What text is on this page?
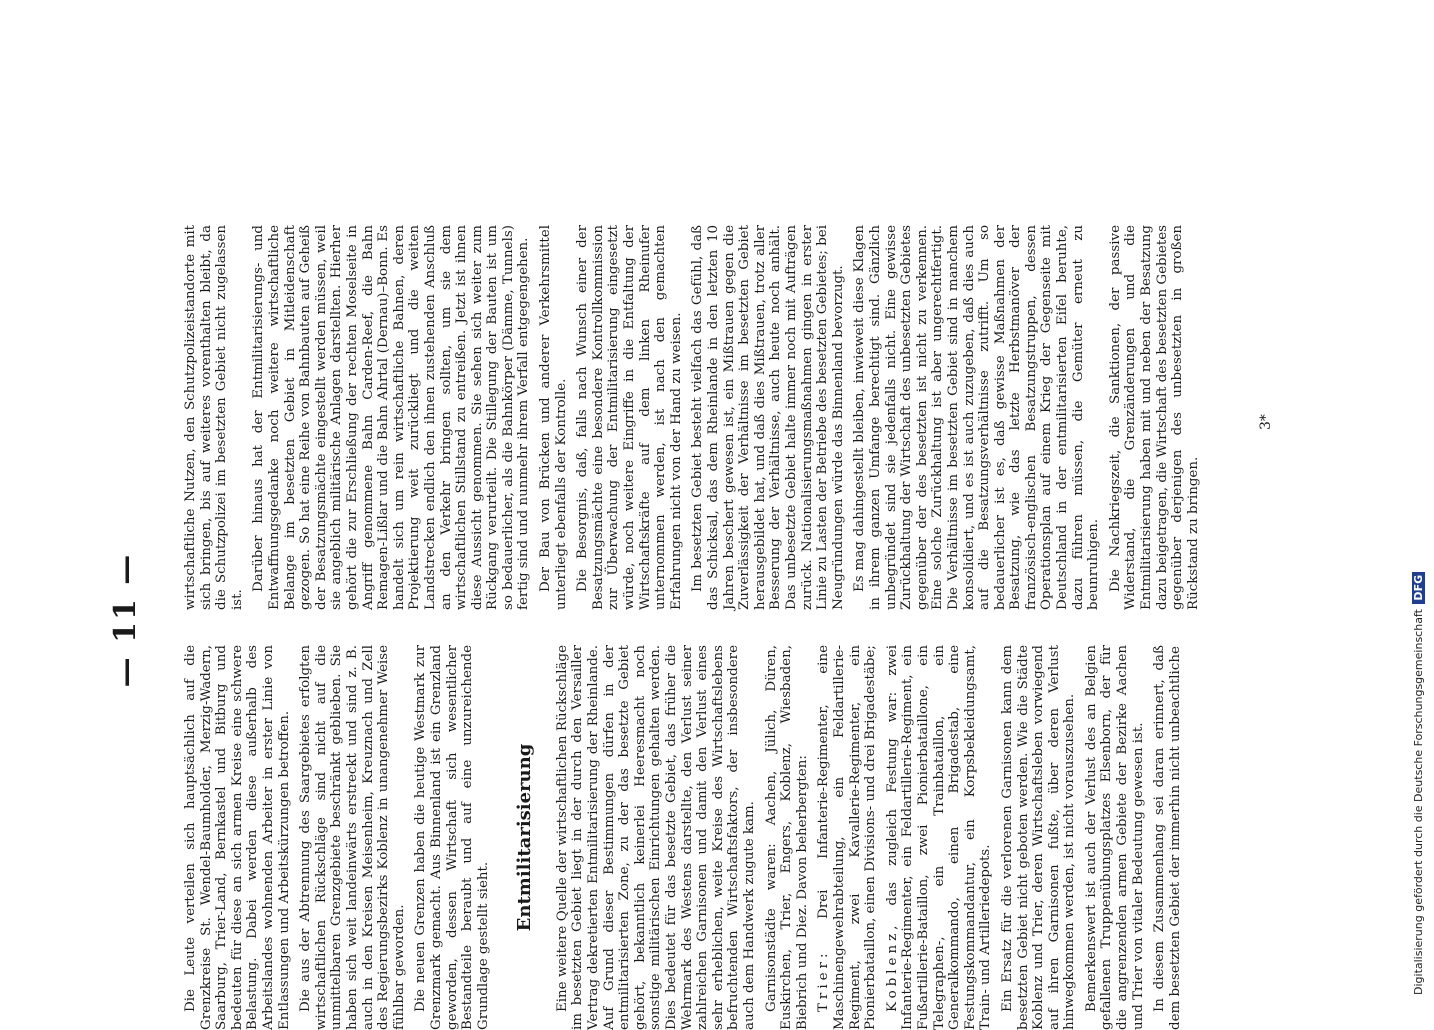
— 11 —

Die Leute verteilen sich hauptsächlich auf die Grenzkreise St. Wendel-Baumholder, Merzig-Wadern, Saarburg, Trier-Land, Bernkastel und Bitburg und bedeuten für diese an sich armen Kreise eine schwere Belastung. Dabei werden diese außerhalb des Arbeitslandes wohnenden Arbeiter in erster Linie von Entlassungen und Arbeitskürzungen betroffen. Die aus der Abtrennung des Saargebietes erfolgten wirtschaftlichen Rückschläge sind nicht auf die unmittelbaren Grenzgebiete beschränkt geblieben. Sie haben sich weit landeinwärts erstreckt und sind z. B. auch in den Kreisen Meisenheim, Kreuznach und Zell des Regierungsbezirks Koblenz in unangenehmer Weise fühlbar geworden. Die neuen Grenzen haben die heutige Westmark zur Grenzmark gemacht. Aus Binnenland ist ein Grenzland geworden, dessen Wirtschaft sich wesentlicher Bestandteile beraubt und auf eine unzureichende Grundlage gestellt sieht.

Entmilitarisierung Eine weitere Quelle der wirtschaftlichen Rückschläge im besetzten Gebiet liegt in der durch den Versailler Vertrag dekretierten Entmilitarisierung der Rheinlande. Auf Grund dieser Bestimmungen dürfen in der entmilitarisierten Zone, zu der das besetzte Gebiet gehört, bekanntlich keinerlei Heeresmacht noch sonstige militärischen Einrichtungen gehalten werden. Dies bedeutet für das besetzte Gebiet, das früher die Wehrmark des Westens darstellte, den Verlust seiner zahlreichen Garnisonen und damit den Verlust eines sehr erheblichen, weite Kreise des Wirtschaftslebens befruchtenden Wirtschaftsfaktors, der insbesondere auch dem Handwerk zugute kam. Garnisonstädte waren: Aachen, Jülich, Düren, Euskirchen, Trier, Engers, Koblenz, Wiesbaden, Biebrich und Diez. Davon beherbergten: Trier: Drei Infanterie-Regimenter, eine Maschinengewehrabteilung, ein Feldartillerie-Regiment, zwei Kavallerie-Regimenter, ein Pionierbataillon, einen Divisions- und drei Brigadestäbe; Koblenz, das zugleich Festung war: zwei Infanterie-Regimenter, ein Feldartillerie-Regiment, ein Fußartillerie-Bataillon, zwei Pionierbataillone, ein Telegraphen-, ein Trainbataillon, ein Generalkommando, einen Brigadestab, eine Festungskommandantur, ein Korpsbekleidungsamt, Train- und Artilleriedepots. Ein Ersatz für die verlorenen Garnisonen kann dem besetzten Gebiet nicht geboten werden. Wie die Städte Koblenz und Trier, deren Wirtschaftsleben vorwiegend auf ihren Garnisonen fußte, über deren Verlust hinwegkommen werden, ist nicht vorauszusehen. Bemerkenswert ist auch der Verlust des an Belgien gefallenen Truppenübungsplatzes Elsenborn, der für die angrenzenden armen Gebiete der Bezirke Aachen und Trier von vitaler Bedeutung gewesen ist. In diesem Zusammenhang sei daran erinnert, daß dem besetzten Gebiet der immerhin nicht unbeachtliche

wirtschaftliche Nutzen, den Schutzpolizeistandorte mit sich bringen, bis auf weiteres vorenthalten bleibt, da die Schutzpolizei im besetzten Gebiet nicht zugelassen ist.

Darüber hinaus hat der Entmilitarisierungs- und Entwaffnungsgedanke noch weitere wirtschaftliche Belange im besetzten Gebiet in Mitleidenschaft gezogen. So hat eine Reihe von Bahnbauten auf Geheiß der Besatzungsmächte eingestellt werden müssen, weil sie angeblich militärische Anlagen darstellten. Hierher gehört die zur Erschließung der rechten Moselseite in Angriff genommene Bahn Carden-Reef, die Bahn Remagen-Lißlar und die Bahn Ahrtal (Dernau)–Bonn. Es handelt sich um rein wirtschaftliche Bahnen, deren Projektierung weit zurückliegt und die weiten Landstrecken endlich den ihnen zustehenden Anschluß an den Verkehr bringen sollten, um sie dem wirtschaftlichen Stillstand zu entreißen. Jetzt ist ihnen diese Aussicht genommen. Sie sehen sich weiter zum Rückgang verurteilt. Die Stillegung der Bauten ist um so bedauerlicher, als die Bahnkörper (Dämme, Tunnels) fertig sind und nunmehr ihrem Verfall entgegengehen. Der Bau von Brücken und anderer Verkehrsmittel unterliegt ebenfalls der Kontrolle. Die Besorgnis, daß, falls nach Wunsch einer der Besatzungsmächte eine besondere Kontrollkommission zur Überwachung der Entmilitarisierung eingesetzt würde, noch weitere Eingriffe in die Entfaltung der Wirtschaftskräfte auf dem linken Rheinufer unternommen werden, ist nach den gemachten Erfahrungen nicht von der Hand zu weisen. Im besetzten Gebiet besteht vielfach das Gefühl, daß das Schicksal, das dem Rheinlande in den letzten 10 Jahren beschert gewesen ist, ein Mißtrauen gegen die Zuverlässigkeit der Verhältnisse im besetzten Gebiet herausgebildet hat, und daß dies Mißtrauen, trotz aller Besserung der Verhältnisse, auch heute noch anhält. Das unbesetzte Gebiet halte immer noch mit Aufträgen zurück. Nationalisierungsmaßnahmen gingen in erster Linie zu Lasten der Betriebe des besetzten Gebietes; bei Neugründungen würde das Binnenland bevorzugt. Es mag dahingestellt bleiben, inwieweit diese Klagen in ihrem ganzen Umfange berechtigt sind. Gänzlich unbegründet sind sie jedenfalls nicht. Eine gewisse Zurückhaltung der Wirtschaft des unbesetzten Gebietes gegenüber der des besetzten ist nicht zu verkennen. Eine solche Zurückhaltung ist aber ungerechtfertigt. Die Verhältnisse im besetzten Gebiet sind in manchem konsolidiert, und es ist auch zuzugeben, daß dies auch auf die Besatzungsverhältnisse zutrifft. Um so bedauerlicher ist es, daß gewisse Maßnahmen der Besatzung, wie das letzte Herbstmanöver der französisch-englischen Besatzungstruppen, dessen Operationsplan auf einem Krieg der Gegenseite mit Deutschland in der entmilitarisierten Eifel beruhte, dazu führen müssen, die Gemüter erneut zu beunruhigen. Die Nachkriegszeit, die Sanktionen, der passive Widerstand, die Grenzänderungen und die Entmilitarisierung haben mit und neben der Besatzung dazu beigetragen, die Wirtschaft des besetzten Gebietes gegenüber derjenigen des unbesetzten in großen Rückstand zu bringen.

3*
Digitalisierung gefördert durch die Deutsche Forschungsgemeinschaft DFG
